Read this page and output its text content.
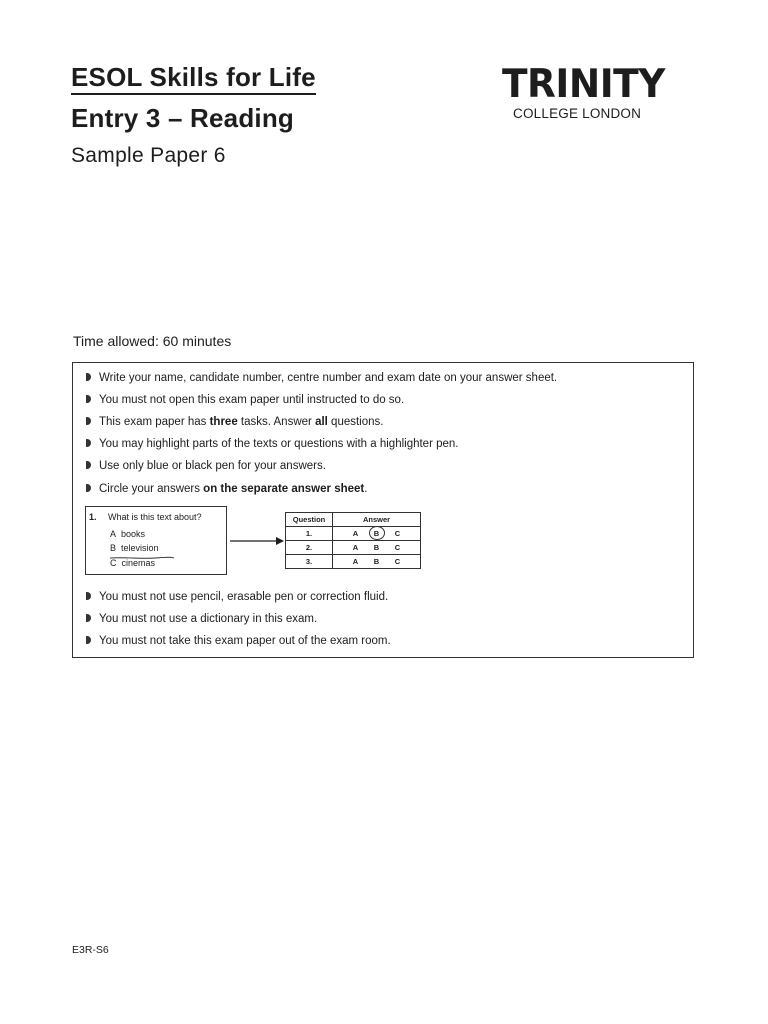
ESOL Skills for Life
Entry 3 – Reading
Sample Paper 6
TRINITY
COLLEGE LONDON
Time allowed: 60 minutes
Write your name, candidate number, centre number and exam date on your answer sheet.
You must not open this exam paper until instructed to do so.
This exam paper has three tasks. Answer all questions.
You may highlight parts of the texts or questions with a highlighter pen.
Use only blue or black pen for your answers.
Circle your answers on the separate answer sheet.
1. What is this text about?
A books
B television
C cinemas
Question	Answer
1.	A B C

2.	A B C

3.	A B C
You must not use pencil, erasable pen or correction fluid.
You must not use a dictionary in this exam.
You must not take this exam paper out of the exam room.
E3R-S6
